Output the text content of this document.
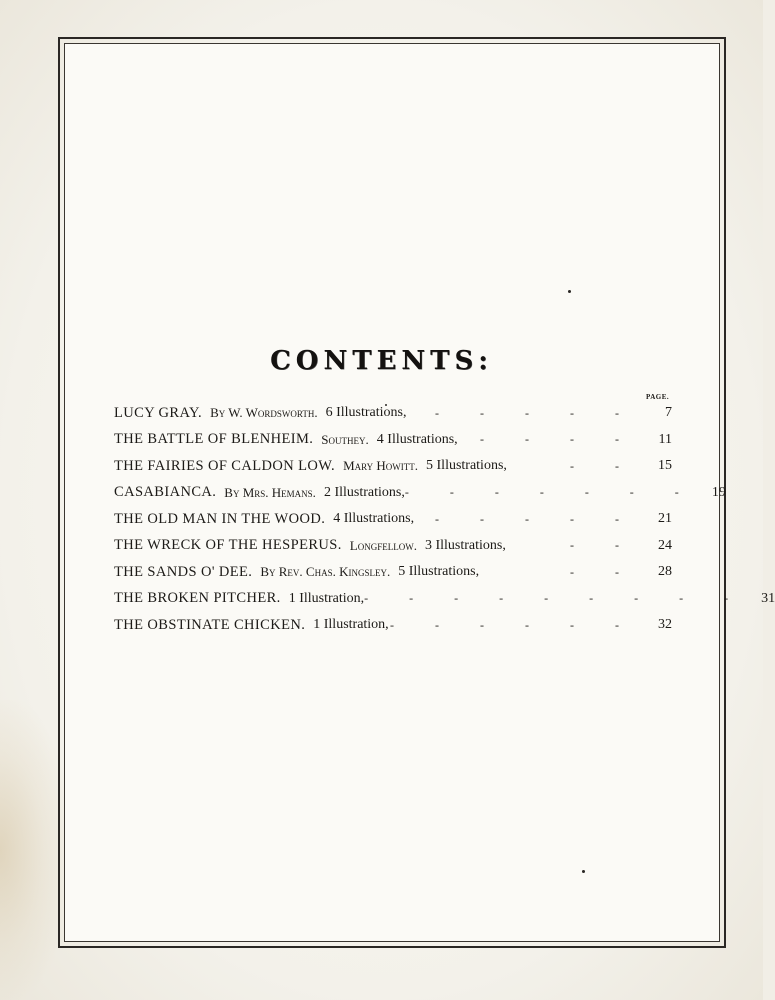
CONTENTS:
PAGE.
LUCY GRAY. By W. Wordsworth. 6 Illustrations,	- - - - -	7
THE BATTLE OF BLENHEIM. Southey. 4 Illustrations,	- - - -	11
THE FAIRIES OF CALDON LOW. Mary Howitt. 5 Illustrations,	- -	15
CASABIANCA. By Mrs. Hemans. 2 Illustrations, - - - - - - -	19
THE OLD MAN IN THE WOOD. 4 Illustrations,	- - - - -	21
THE WRECK OF THE HESPERUS. Longfellow. 3 Illustrations,	- -	24
THE SANDS O' DEE. By Rev. Chas. Kingsley. 5 Illustrations,	- -	28
THE BROKEN PITCHER. 1 Illustration, - - - - - - - - -	31
THE OBSTINATE CHICKEN. 1 Illustration, - - - - - -	32
